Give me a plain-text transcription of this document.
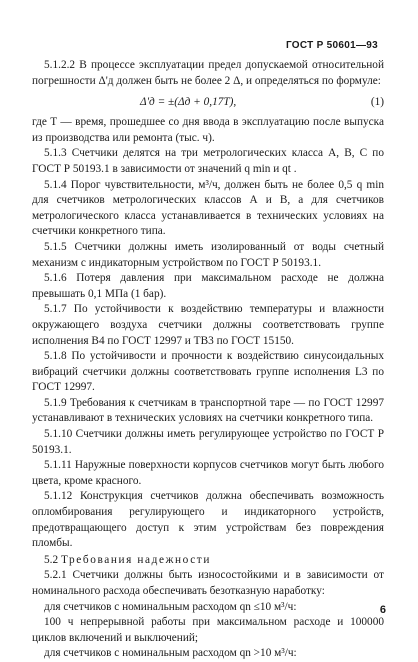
ГОСТ Р 50601—93

5.1.2.2 В процессе эксплуатации предел допускаемой относительной погрешности Δ'д должен быть не более 2 Δ, и определяться по формуле:

Δ'д = ±(Δд + 0,17T),	(1)

где T — время, прошедшее со дня ввода в эксплуатацию после выпуска из производства или ремонта (тыс. ч).

5.1.3 Счетчики делятся на три метрологических класса А, В, С по ГОСТ Р 50193.1 в зависимости от значений q min и qt .

5.1.4 Порог чувствительности, м³/ч, должен быть не более 0,5 q min для счетчиков метрологических классов А и В, а для счетчиков метрологического класса устанавливается в технических условиях на счетчики конкретного типа.

5.1.5 Счетчики должны иметь изолированный от воды счетный механизм с индикаторным устройством по ГОСТ Р 50193.1.

5.1.6 Потеря давления при максимальном расходе не должна превышать 0,1 МПа (1 бар).

5.1.7 По устойчивости к воздействию температуры и влажности окружающего воздуха счетчики должны соответствовать группе исполнения В4 по ГОСТ 12997 и ТВ3 по ГОСТ 15150.

5.1.8 По устойчивости и прочности к воздействию синусоидальных вибраций счетчики должны соответствовать группе исполнения L3 по ГОСТ 12997.

5.1.9 Требования к счетчикам в транспортной таре — по ГОСТ 12997 устанавливают в технических условиях на счетчики конкретного типа.

5.1.10 Счетчики должны иметь регулирующее устройство по ГОСТ Р 50193.1.

5.1.11 Наружные поверхности корпусов счетчиков могут быть любого цвета, кроме красного.

5.1.12 Конструкция счетчиков должна обеспечивать возможность опломбирования регулирующего и индикаторного устройств, предотвращающего доступ к этим устройствам без повреждения пломбы.

5.2 Требования надежности

5.2.1 Счетчики должны быть износостойкими и в зависимости от номинального расхода обеспечивать безотказную наработку:

для счетчиков с номинальным расходом qn ≤10 м³/ч:

100 ч непрерывной работы при максимальном расходе и 100000 циклов включений и выключений;

для счетчиков с номинальным расходом qn >10 м³/ч:

6
